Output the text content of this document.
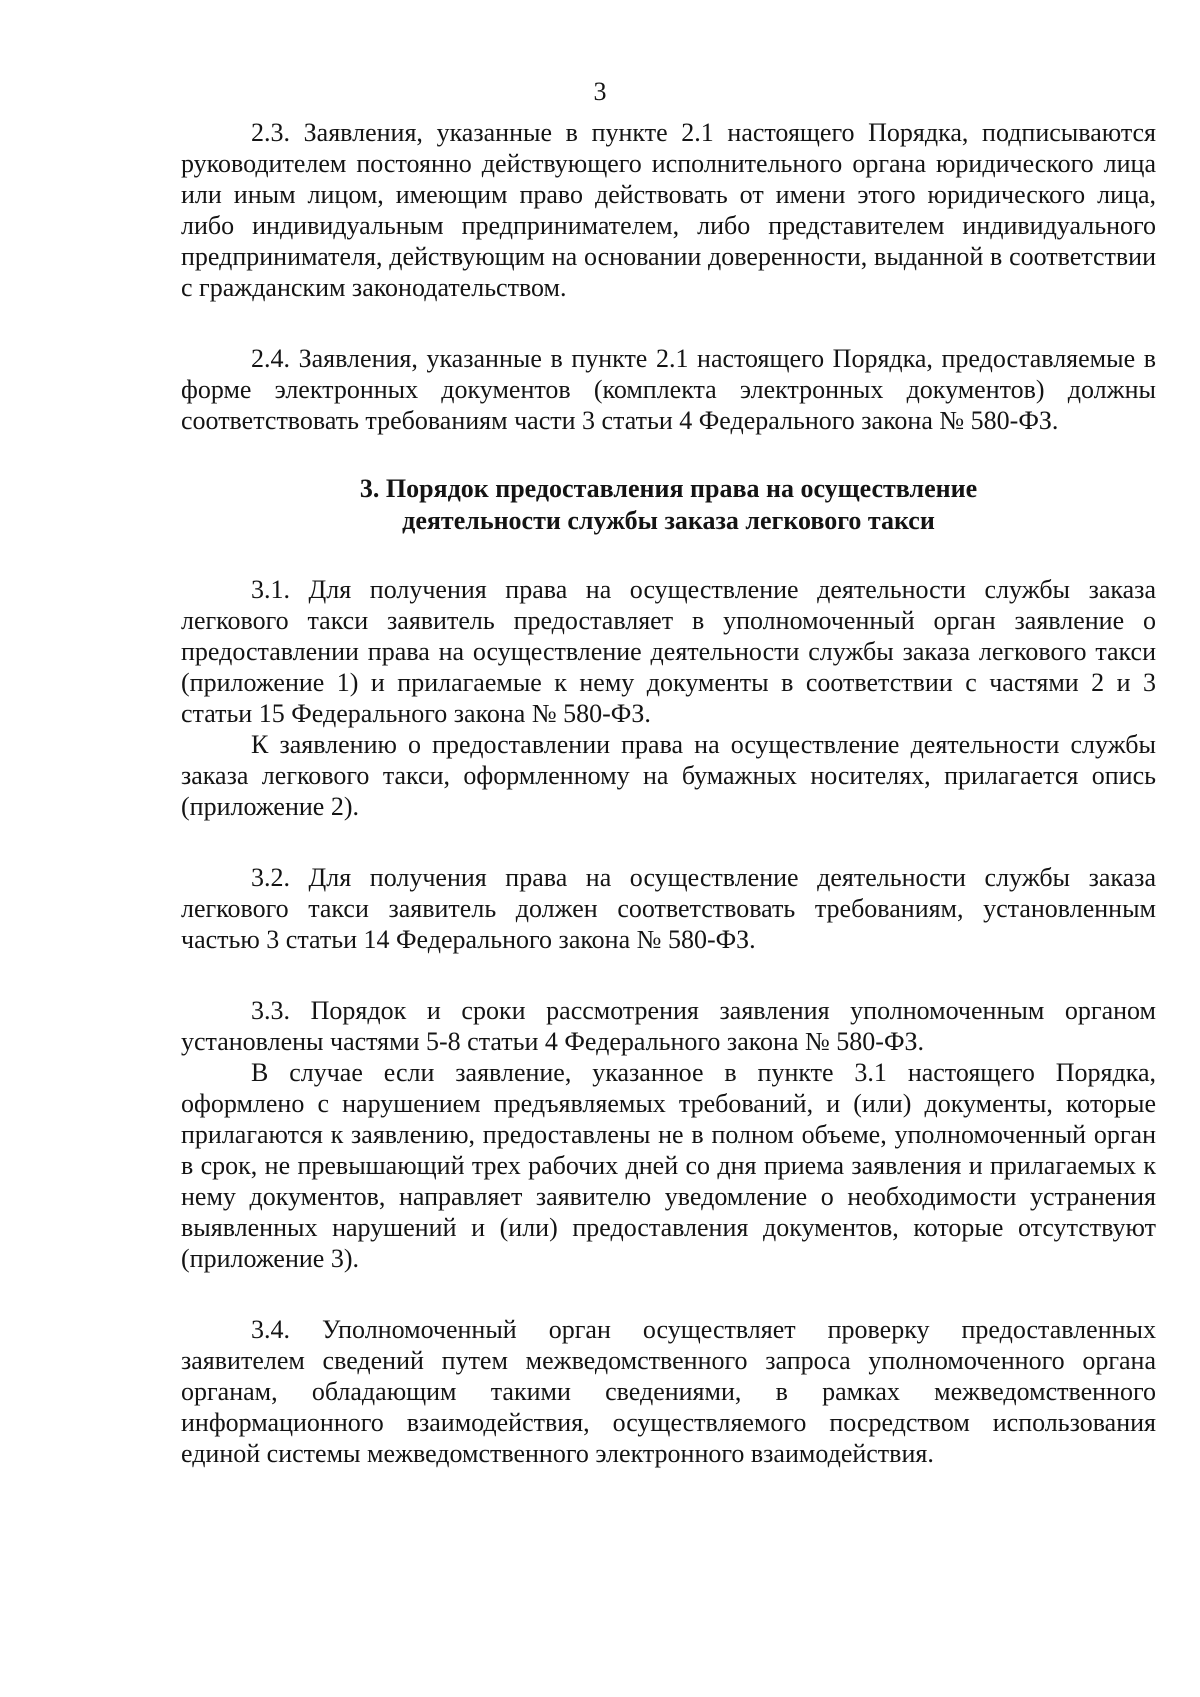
3

2.3. Заявления, указанные в пункте 2.1 настоящего Порядка, подписываются руководителем постоянно действующего исполнительного органа юридического лица или иным лицом, имеющим право действовать от имени этого юридического лица, либо индивидуальным предпринимателем, либо представителем индивидуального предпринимателя, действующим на основании доверенности, выданной в соответствии с гражданским законодательством.

2.4. Заявления, указанные в пункте 2.1 настоящего Порядка, предоставляемые в форме электронных документов (комплекта электронных документов) должны соответствовать требованиям части 3 статьи 4 Федерального закона № 580-ФЗ.

3. Порядок предоставления права на осуществление

деятельности службы заказа легкового такси

3.1. Для получения права на осуществление деятельности службы заказа легкового такси заявитель предоставляет в уполномоченный орган заявление о предоставлении права на осуществление деятельности службы заказа легкового такси (приложение 1) и прилагаемые к нему документы в соответствии с частями 2 и 3 статьи 15 Федерального закона № 580-ФЗ.

К заявлению о предоставлении права на осуществление деятельности службы заказа легкового такси, оформленному на бумажных носителях, прилагается опись (приложение 2).

3.2. Для получения права на осуществление деятельности службы заказа легкового такси заявитель должен соответствовать требованиям, установленным частью 3 статьи 14 Федерального закона № 580-ФЗ.

3.3. Порядок и сроки рассмотрения заявления уполномоченным органом установлены частями 5-8 статьи 4 Федерального закона № 580-ФЗ.

В случае если заявление, указанное в пункте 3.1 настоящего Порядка, оформлено с нарушением предъявляемых требований, и (или) документы, которые прилагаются к заявлению, предоставлены не в полном объеме, уполномоченный орган в срок, не превышающий трех рабочих дней со дня приема заявления и прилагаемых к нему документов, направляет заявителю уведомление о необходимости устранения выявленных нарушений и (или) предоставления документов, которые отсутствуют (приложение 3).

3.4. Уполномоченный орган осуществляет проверку предоставленных заявителем сведений путем межведомственного запроса уполномоченного органа органам, обладающим такими сведениями, в рамках межведомственного информационного взаимодействия, осуществляемого посредством использования единой системы межведомственного электронного взаимодействия.
